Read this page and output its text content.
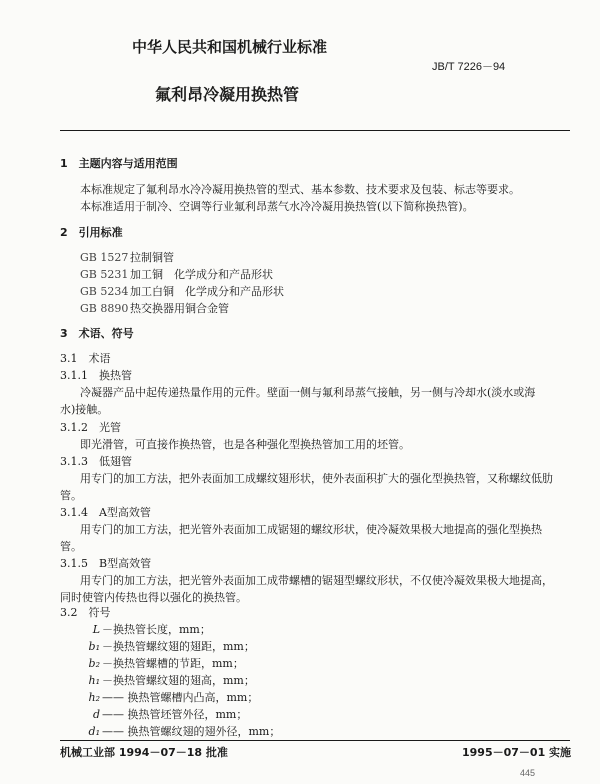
中华人民共和国机械行业标准
JB/T 7226－94
氟利昂冷凝用换热管
1　主题内容与适用范围
本标准规定了氟利昂水冷冷凝用换热管的型式、基本参数、技术要求及包装、标志等要求。
本标准适用于制冷、空调等行业氟利昂蒸气水冷冷凝用换热管(以下简称换热管)。
2　引用标准
GB 1527 拉制铜管
GB 5231 加工铜　化学成分和产品形状
GB 5234 加工白铜　化学成分和产品形状
GB 8890 热交换器用铜合金管
3　术语、符号
3.1　术语
3.1.1　换热管
冷凝器产品中起传递热量作用的元件。壁面一侧与氟利昂蒸气接触，另一侧与冷却水(淡水或海
水)接触。
3.1.2　光管
即光滑管，可直接作换热管，也是各种强化型换热管加工用的坯管。
3.1.3　低翅管
用专门的加工方法，把外表面加工成螺纹翅形状，使外表面积扩大的强化型换热管，又称螺纹低肋
管。
3.1.4　A型高效管
用专门的加工方法，把光管外表面加工成锯翅的螺纹形状，使冷凝效果极大地提高的强化型换热
管。
3.1.5　B型高效管
用专门的加工方法，把光管外表面加工成带螺槽的锯翅型螺纹形状，不仅使冷凝效果极大地提高，
同时使管内传热也得以强化的换热管。
3.2　符号
L －换热管长度，mm；
b₁ －换热管螺纹翅的翅距，mm；
b₂ －换热管螺槽的节距，mm；
h₁ －换热管螺纹翅的翅高，mm；
h₂ —— 换热管螺槽内凸高，mm；
d —— 换热管坯管外径，mm；
d₁ —— 换热管螺纹翅的翅外径，mm；
机械工业部 1994－07－18 批准	1995－07－01 实施
445
